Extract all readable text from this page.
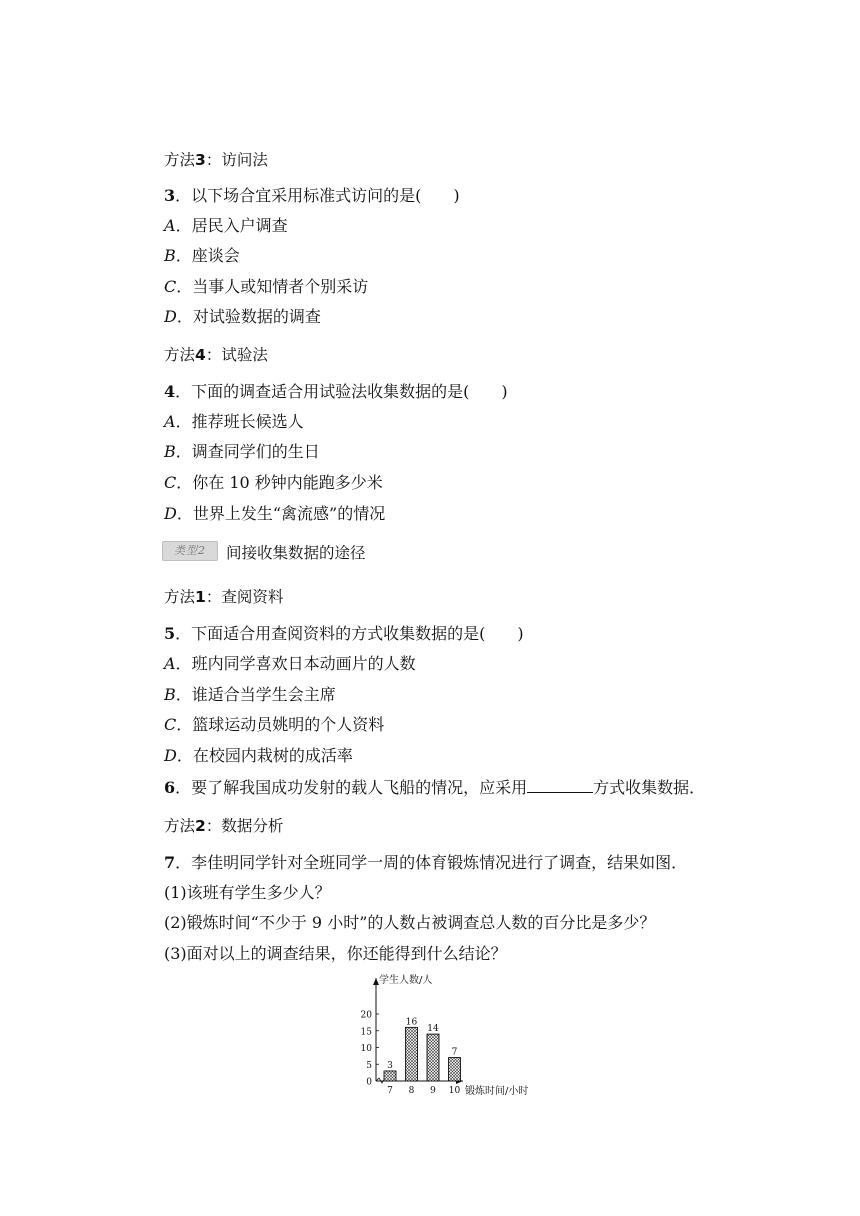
方法3：访问法
3．以下场合宜采用标准式访问的是(　　)
A．居民入户调查
B．座谈会
C．当事人或知情者个别采访
D．对试验数据的调查
方法4：试验法
4．下面的调查适合用试验法收集数据的是(　　)
A．推荐班长候选人
B．调查同学们的生日
C．你在 10 秒钟内能跑多少米
D．世界上发生“禽流感”的情况
类型2	间接收集数据的途径
方法1：查阅资料
5．下面适合用查阅资料的方式收集数据的是(　　)
A．班内同学喜欢日本动画片的人数
B．谁适合当学生会主席
C．篮球运动员姚明的个人资料
D．在校园内栽树的成活率
6．要了解我国成功发射的载人飞船的情况，应采用	方式收集数据．
方法2：数据分析
7．李佳明同学针对全班同学一周的体育锻炼情况进行了调查，结果如图．
(1)该班有学生多少人？
(2)锻炼时间“不少于 9 小时”的人数占被调查总人数的百分比是多少？
(3)面对以上的调查结果，你还能得到什么结论？
0
5
10
15
20
学生人数/人
锻炼时间/小时
3
7
16
8
14
9
7
10
